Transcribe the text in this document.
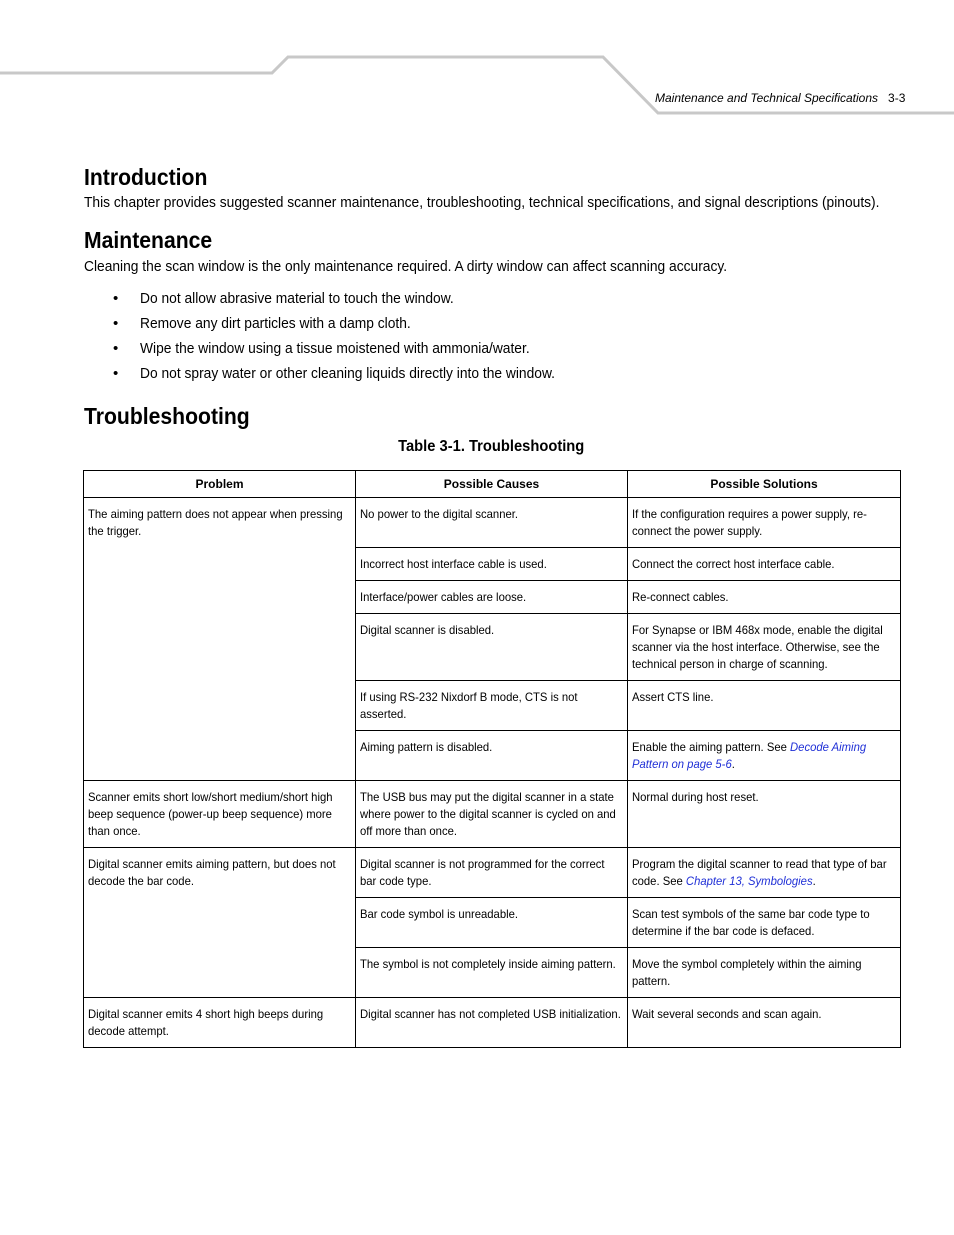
Maintenance and Technical Specifications 3-3
Introduction

This chapter provides suggested scanner maintenance, troubleshooting, technical specifications, and signal descriptions (pinouts).

Maintenance

Cleaning the scan window is the only maintenance required. A dirty window can affect scanning accuracy.

• Do not allow abrasive material to touch the window.
• Remove any dirt particles with a damp cloth.
• Wipe the window using a tissue moistened with ammonia/water.
• Do not spray water or other cleaning liquids directly into the window.
Troubleshooting
Table 3-1. Troubleshooting
Problem	Possible Causes	Possible Solutions

The aiming pattern does not appear when pressing the trigger.	No power to the digital scanner.	If the configuration requires a power supply, re-connect the power supply.

	Incorrect host interface cable is used.	Connect the correct host interface cable.

	Interface/power cables are loose.	Re-connect cables.

	Digital scanner is disabled.	For Synapse or IBM 468x mode, enable the digital scanner via the host interface. Otherwise, see the technical person in charge of scanning.

	If using RS-232 Nixdorf B mode, CTS is not asserted.	Assert CTS line.

	Aiming pattern is disabled.	Enable the aiming pattern. See Decode Aiming Pattern on page 5-6.

Scanner emits short low/short medium/short high beep sequence (power-up beep sequence) more than once.	The USB bus may put the digital scanner in a state where power to the digital scanner is cycled on and off more than once.	Normal during host reset.

Digital scanner emits aiming pattern, but does not decode the bar code.	Digital scanner is not programmed for the correct bar code type.	Program the digital scanner to read that type of bar code. See Chapter 13, Symbologies.

	Bar code symbol is unreadable.	Scan test symbols of the same bar code type to determine if the bar code is defaced.

	The symbol is not completely inside aiming pattern.	Move the symbol completely within the aiming pattern.

Digital scanner emits 4 short high beeps during decode attempt.	Digital scanner has not completed USB initialization.	Wait several seconds and scan again.
